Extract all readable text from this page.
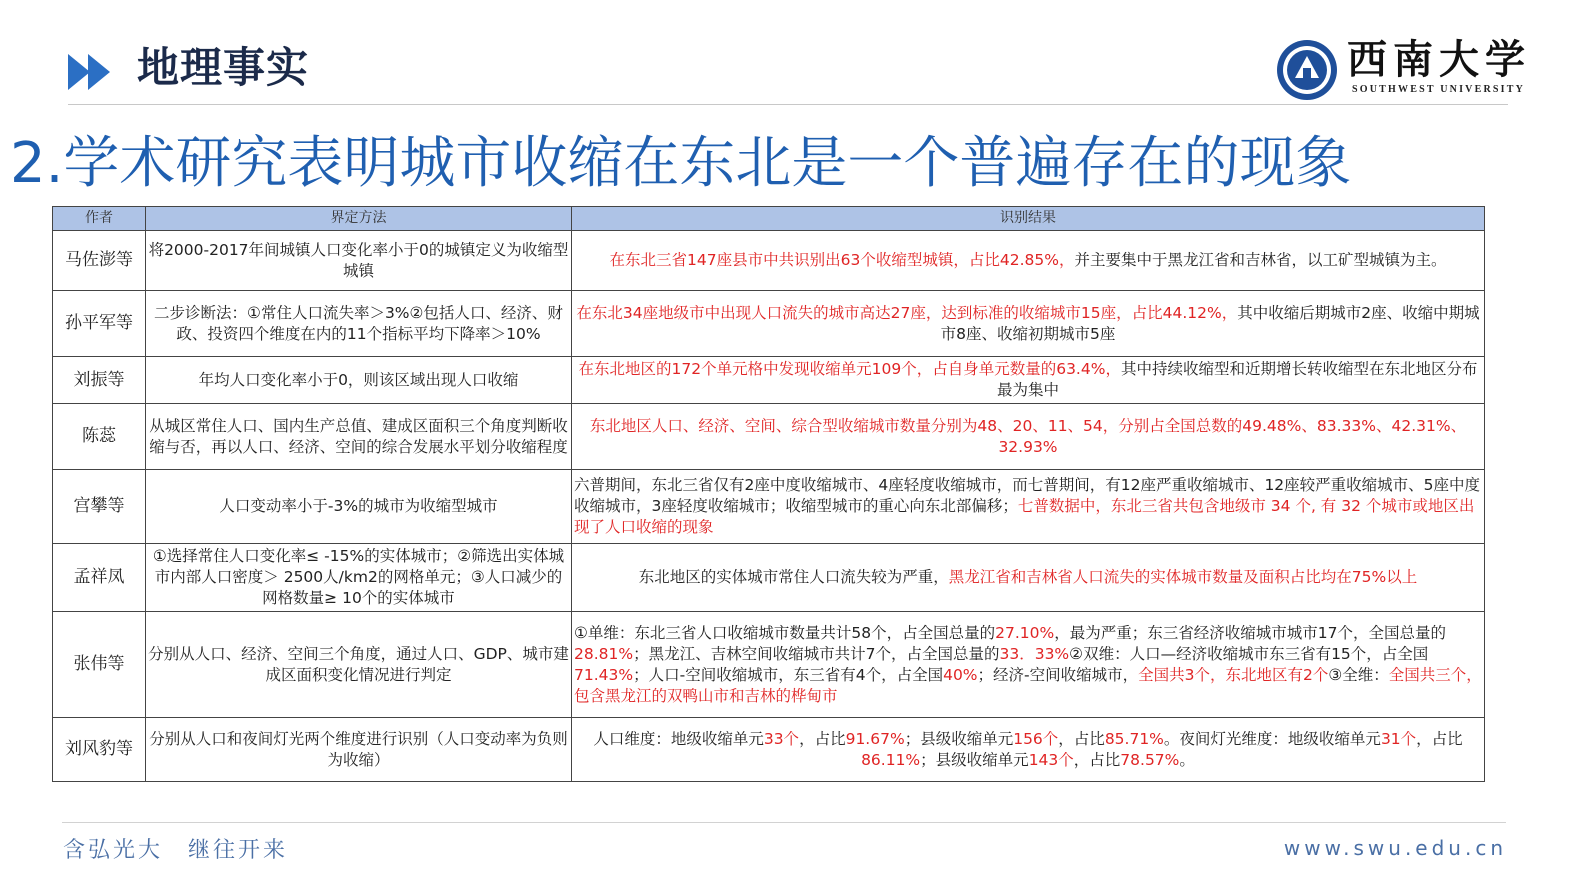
地理事实	西南大学
SOUTHWEST UNIVERSITY
2.学术研究表明城市收缩在东北是一个普遍存在的现象
作者	界定方法	识别结果
马佐澎等	将2000-2017年间城镇人口变化率小于0的城镇定义为收缩型城镇	在东北三省147座县市中共识别出63个收缩型城镇，占比42.85%，并主要集中于黑龙江省和吉林省，以工矿型城镇为主。
孙平军等	二步诊断法：①常住人口流失率＞3%②包括人口、经济、财政、投资四个维度在内的11个指标平均下降率＞10%	在东北34座地级市中出现人口流失的城市高达27座，达到标准的收缩城市15座，占比44.12%，其中收缩后期城市2座、收缩中期城市8座、收缩初期城市5座
刘振等	年均人口变化率小于0，则该区域出现人口收缩	在东北地区的172个单元格中发现收缩单元109个，占自身单元数量的63.4%，其中持续收缩型和近期增长转收缩型在东北地区分布最为集中
陈蕊	从城区常住人口、国内生产总值、建成区面积三个角度判断收缩与否，再以人口、经济、空间的综合发展水平划分收缩程度	东北地区人口、经济、空间、综合型收缩城市数量分别为48、20、11、54，分别占全国总数的49.48%、83.33%、42.31%、32.93%
宫攀等	人口变动率小于-3%的城市为收缩型城市	六普期间，东北三省仅有2座中度收缩城市、4座轻度收缩城市，而七普期间，有12座严重收缩城市、12座较严重收缩城市、5座中度收缩城市，3座轻度收缩城市；收缩型城市的重心向东北部偏移；七普数据中，东北三省共包含地级市 34 个, 有 32 个城市或地区出现了人口收缩的现象
孟祥凤	①选择常住人口变化率≤ -15%的实体城市；②筛选出实体城市内部人口密度＞ 2500人/km2的网格单元；③人口减少的网格数量≥ 10个的实体城市	东北地区的实体城市常住人口流失较为严重，黑龙江省和吉林省人口流失的实体城市数量及面积占比均在75%以上
张伟等	分别从人口、经济、空间三个角度，通过人口、GDP、城市建成区面积变化情况进行判定	①单维：东北三省人口收缩城市数量共计58个，占全国总量的27.10%，最为严重；东三省经济收缩城市城市17个，全国总量的28.81%；黑龙江、吉林空间收缩城市共计7个，占全国总量的33．33%②双维：人口—经济收缩城市东三省有15个，占全国71.43%；人口-空间收缩城市，东三省有4个，占全国40%；经济-空间收缩城市，全国共3个，东北地区有2个③全维：全国共三个，包含黑龙江的双鸭山市和吉林的桦甸市
刘风豹等	分别从人口和夜间灯光两个维度进行识别（人口变动率为负则为收缩）	人口维度：地级收缩单元33个，占比91.67%；县级收缩单元156个，占比85.71%。夜间灯光维度：地级收缩单元31个，占比86.11%；县级收缩单元143个，占比78.57%。
含弘光大　继往开来	www.swu.edu.cn
